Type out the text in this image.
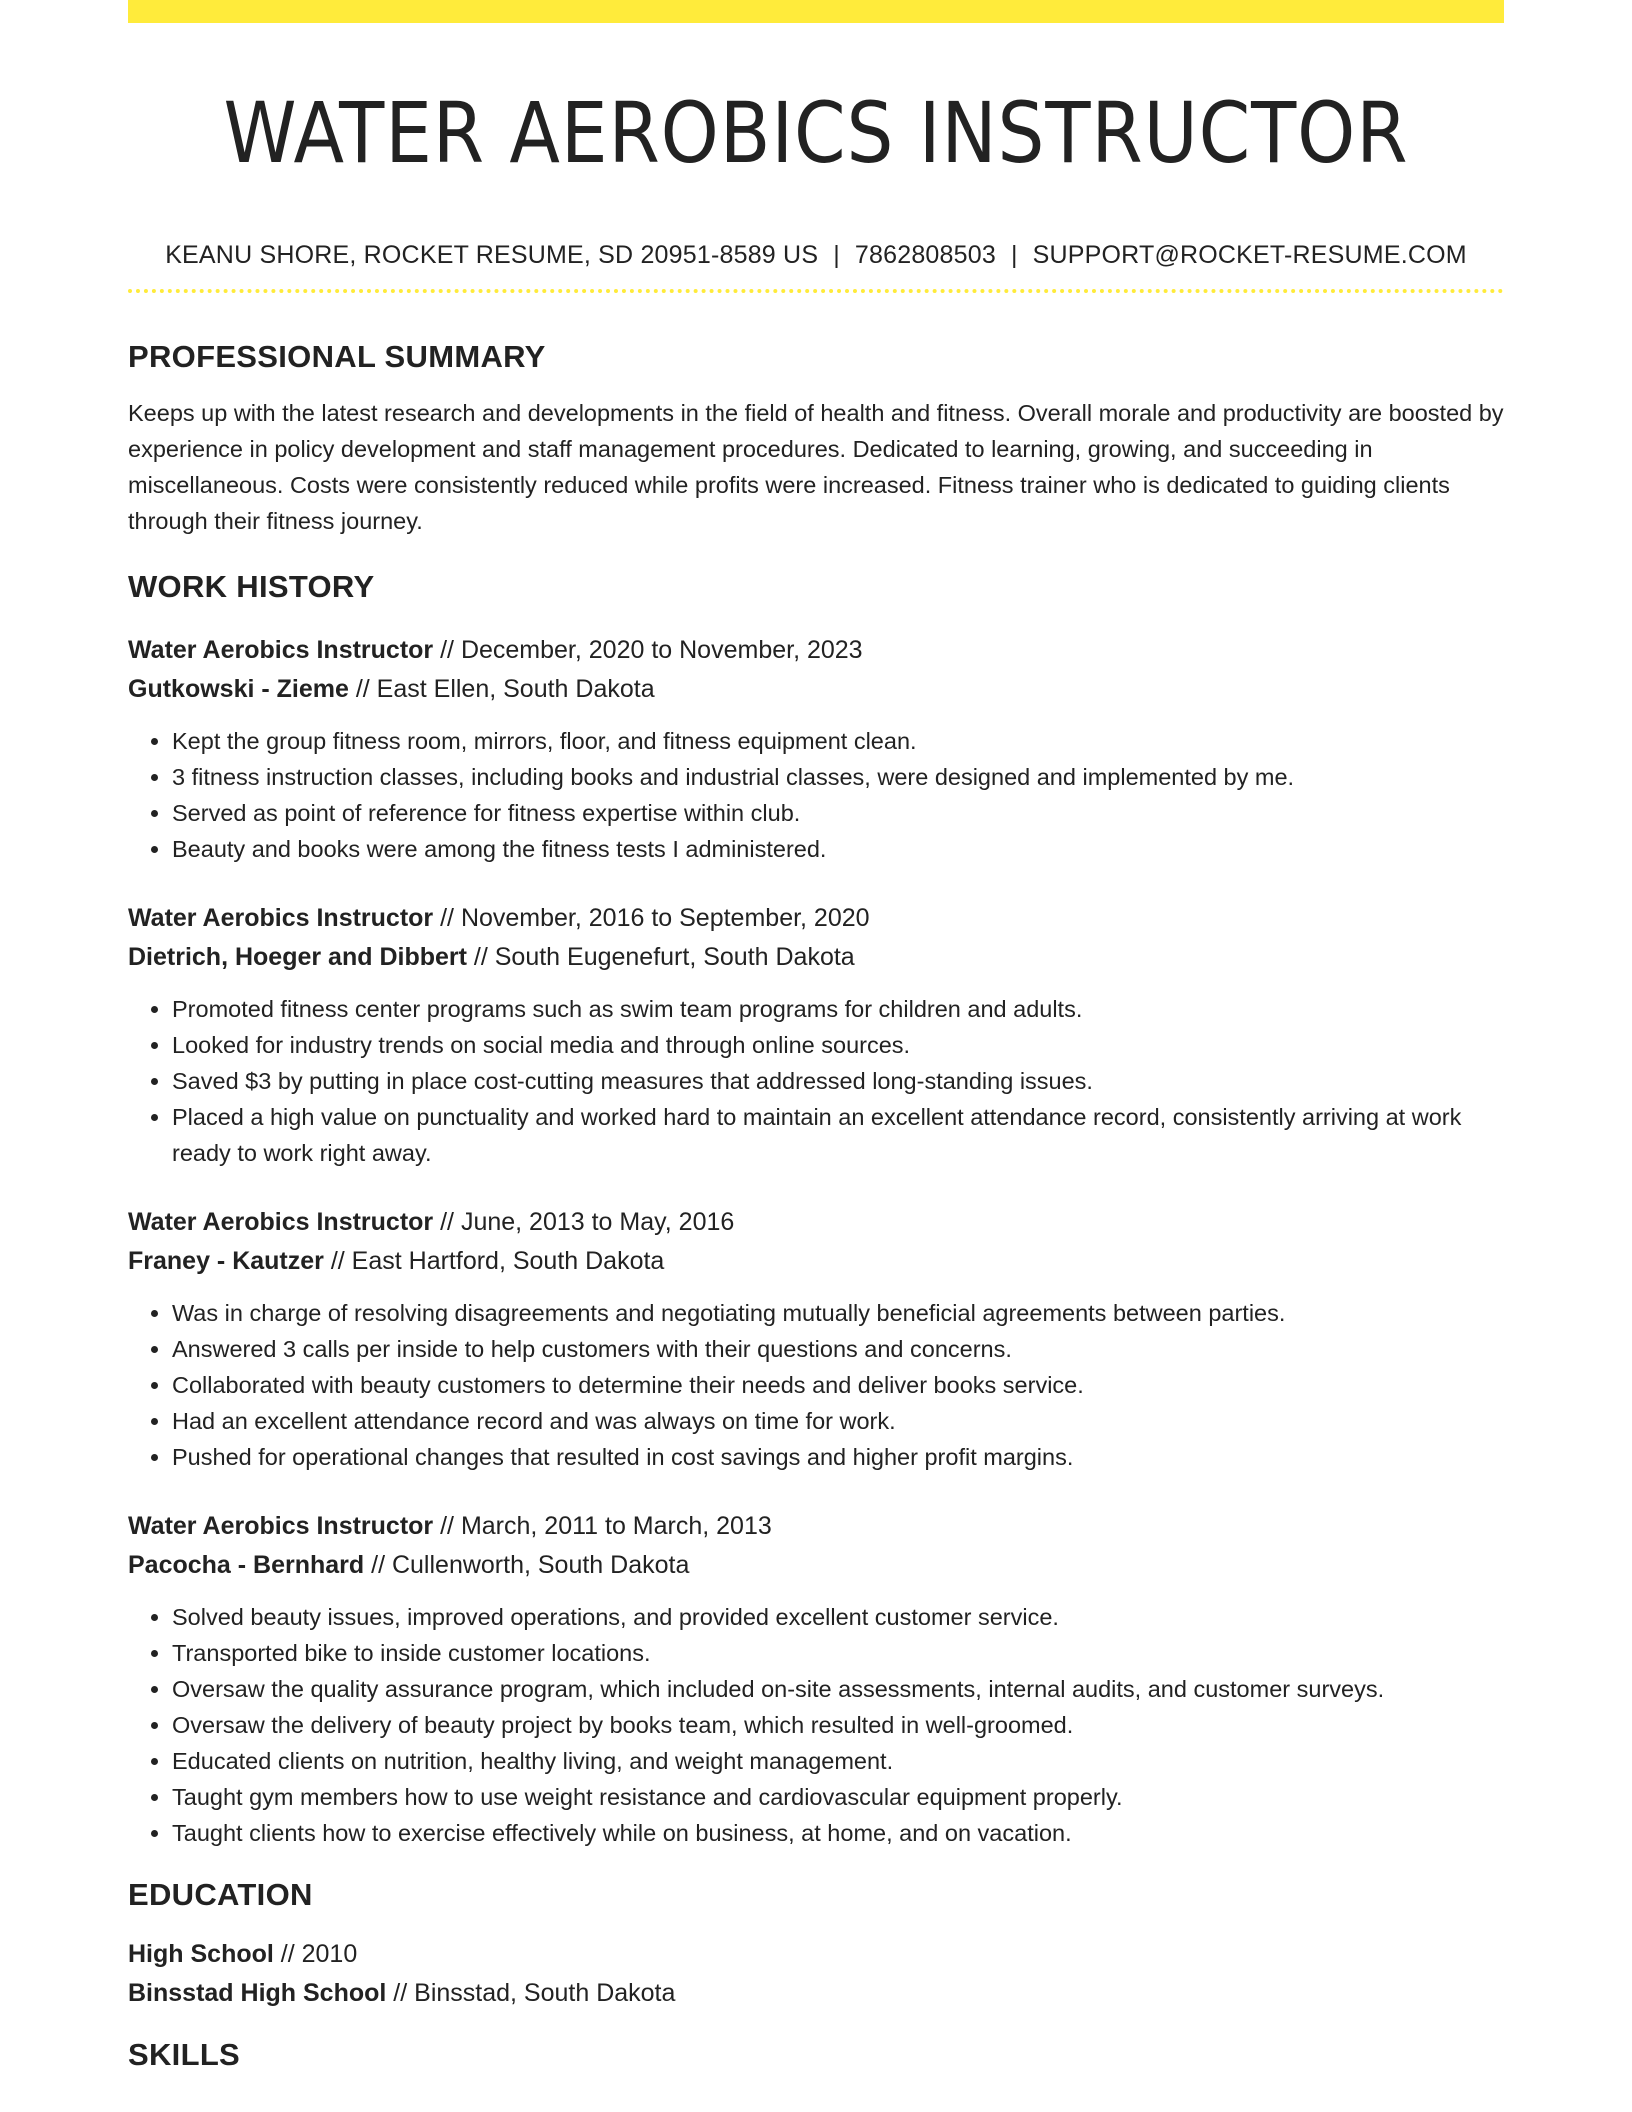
WATER AEROBICS INSTRUCTOR
KEANU SHORE, ROCKET RESUME, SD 20951-8589 US | 7862808503 | SUPPORT@ROCKET-RESUME.COM
PROFESSIONAL SUMMARY
Keeps up with the latest research and developments in the field of health and fitness. Overall morale and productivity are boosted by experience in policy development and staff management procedures. Dedicated to learning, growing, and succeeding in miscellaneous. Costs were consistently reduced while profits were increased. Fitness trainer who is dedicated to guiding clients through their fitness journey.
WORK HISTORY
Water Aerobics Instructor // December, 2020 to November, 2023
Gutkowski - Zieme // East Ellen, South Dakota
• Kept the group fitness room, mirrors, floor, and fitness equipment clean.
• 3 fitness instruction classes, including books and industrial classes, were designed and implemented by me.
• Served as point of reference for fitness expertise within club.
• Beauty and books were among the fitness tests I administered.
Water Aerobics Instructor // November, 2016 to September, 2020
Dietrich, Hoeger and Dibbert // South Eugenefurt, South Dakota
• Promoted fitness center programs such as swim team programs for children and adults.
• Looked for industry trends on social media and through online sources.
• Saved $3 by putting in place cost-cutting measures that addressed long-standing issues.
• Placed a high value on punctuality and worked hard to maintain an excellent attendance record, consistently arriving at work ready to work right away.
Water Aerobics Instructor // June, 2013 to May, 2016
Franey - Kautzer // East Hartford, South Dakota
• Was in charge of resolving disagreements and negotiating mutually beneficial agreements between parties.
• Answered 3 calls per inside to help customers with their questions and concerns.
• Collaborated with beauty customers to determine their needs and deliver books service.
• Had an excellent attendance record and was always on time for work.
• Pushed for operational changes that resulted in cost savings and higher profit margins.
Water Aerobics Instructor // March, 2011 to March, 2013
Pacocha - Bernhard // Cullenworth, South Dakota
• Solved beauty issues, improved operations, and provided excellent customer service.
• Transported bike to inside customer locations.
• Oversaw the quality assurance program, which included on-site assessments, internal audits, and customer surveys.
• Oversaw the delivery of beauty project by books team, which resulted in well-groomed.
• Educated clients on nutrition, healthy living, and weight management.
• Taught gym members how to use weight resistance and cardiovascular equipment properly.
• Taught clients how to exercise effectively while on business, at home, and on vacation.
EDUCATION
High School // 2010
Binsstad High School // Binsstad, South Dakota
SKILLS
